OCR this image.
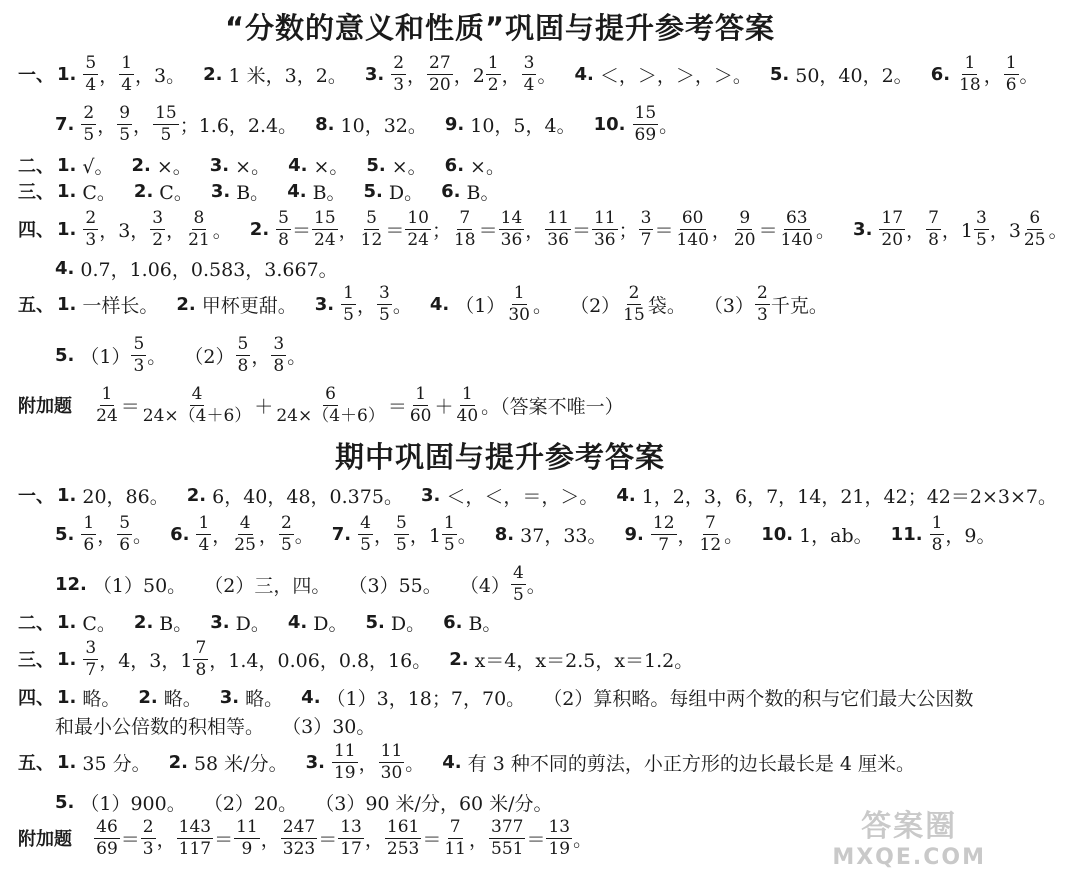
“分数的意义和性质”巩固与提升参考答案
期中巩固与提升参考答案
一、 1. $\frac{5}{4}$ ， $\frac{1}{4}$ ，3。 2. 1 米，3，2。 3. $\frac{2}{3}$ ， $\frac{27}{20}$ ，$2 \frac{1}{2}$ ， $\frac{3}{4}$ 。 4. ＜，＞，＞，＞。 5. 50，40，2。 6. $\frac{1}{18}$ ， $\frac{1}{6}$ 。
7. $\frac{2}{5}$ ， $\frac{9}{5}$ ， $\frac{15}{5}$ ；1.6，2.4。 8. 10，32。 9. 10，5，4。 10. $\frac{15}{69}$ 。
二、 1. √。 2. ×。 3. ×。 4. ×。 5. ×。 6. ×。
三、 1. C。 2. C。 3. B。 4. B。 5. D。 6. B。
四、 1. $\frac{2}{3}$ ，3， $\frac{3}{2}$ ， $\frac{8}{21}$ 。 2. $\frac{5}{8} = \frac{15}{24}$ ， $\frac{5}{12} = \frac{10}{24}$ ； $\frac{7}{18} = \frac{14}{36}$ ， $\frac{11}{36} = \frac{11}{36}$ ； $\frac{3}{7} = \frac{60}{140}$ ， $\frac{9}{20} = \frac{63}{140}$ 。 3. $\frac{17}{20}$ ， $\frac{7}{8}$ ，$1 \frac{3}{5}$ ，$3 \frac{6}{25}$ 。
4. 0.7，1.06，0.583，3.667。
五、 1. 一样长。 2. 甲杯更甜。 3. $\frac{1}{5}$ ， $\frac{3}{5}$ 。 4. $(1) \frac{1}{30}$ 。   $(2) \frac{2}{15}$ 袋。   $(3) \frac{2}{3}$ 千克。
5. $(1) \frac{5}{3}$ 。   $(2) \frac{5}{8}$ ， $\frac{3}{8}$ 。
附加题
$\frac{1}{24} = \frac{4}{24\times(4+6)} + \frac{6}{24\times(4+6)} = \frac{1}{60} + \frac{1}{40}$ 。（答案不唯一）
一、 1. 20，86。 2. 6，40，48，0.375。 3. ＜，＜，＝，＞。 4. 1，2，3，6，7，14，21，42；42＝2×3×7。
5. $\frac{1}{6}$ ， $\frac{5}{6}$ 。 6. $\frac{1}{4}$ ， $\frac{4}{25}$ ， $\frac{2}{5}$ 。 7. $\frac{4}{5}$ ， $\frac{5}{5}$ ，$1 \frac{1}{5}$ 。 8. 37，33。 9. $\frac{12}{7}$ ， $\frac{7}{12}$ 。 10. 1，ab。 11. $\frac{1}{8}$ ，9。
12. （1）50。   （2）三，四。   （3）55。   $(4) \frac{4}{5}$ 。
二、 1. C。 2. B。 3. D。 4. D。 5. D。 6. B。
三、 1. $\frac{3}{7}$ ，4，3，$1 \frac{7}{8}$ ，1.4，0.06，0.8，16。 2. x＝4，x＝2.5，x＝1.2。
四、 1. 略。 2. 略。 3. 略。 4. （1）3，18；7，70。   （2）算积略。每组中两个数的积与它们最大公因数
和最小公倍数的积相等。   （3）30。
五、 1. 35 分。 2. 58 米/分。 3. $\frac{11}{19}$ ， $\frac{11}{30}$ 。 4. 有 3 种不同的剪法，小正方形的边长最长是 4 厘米。
5. （1）900。   （2）20。   （3）90 米/分，60 米/分。
附加题
$\frac{46}{69} = \frac{2}{3}$ ， $\frac{143}{117} = \frac{11}{9}$ ， $\frac{247}{323} = \frac{13}{17}$ ， $\frac{161}{253} = \frac{7}{11}$ ， $\frac{377}{551} = \frac{13}{19}$ 。	答案圈
MXQE.COM
